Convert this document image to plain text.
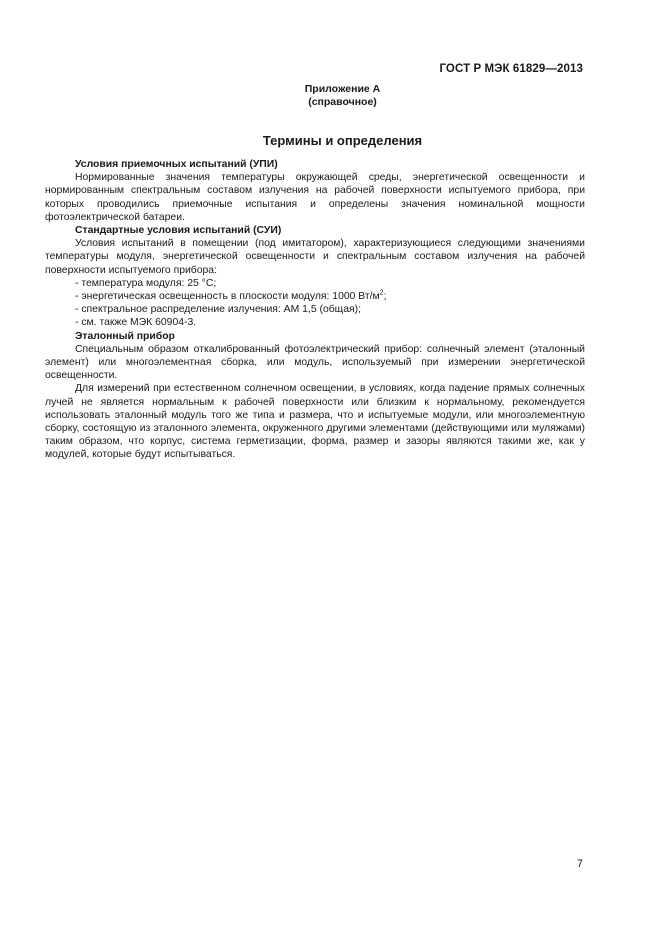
ГОСТ Р МЭК 61829—2013
Приложение А
(справочное)
Термины и определения

Условия приемочных испытаний (УПИ)

Нормированные значения температуры окружающей среды, энергетической освещенности и нормированным спектральным составом излучения на рабочей поверхности испытуемого прибора, при которых проводились приемочные испытания и определены значения номинальной мощности фотоэлектрической батареи.

Стандартные условия испытаний (СУИ)

Условия испытаний в помещении (под имитатором), характеризующиеся следующими значениями температуры модуля, энергетической освещенности и спектральным составом излучения на рабочей поверхности испытуемого прибора:

- температура модуля: 25 °С;

- энергетическая освещенность в плоскости модуля: 1000 $Вт/м^2$;

- спектральное распределение излучения: АМ 1,5 (общая);

- см. также МЭК 60904-3.

Эталонный прибор

Специальным образом откалиброванный фотоэлектрический прибор: солнечный элемент (эталонный элемент) или многоэлементная сборка, или модуль, используемый при измерении энергетической освещенности.

Для измерений при естественном солнечном освещении, в условиях, когда падение прямых солнечных лучей не является нормальным к рабочей поверхности или близким к нормальному, рекомендуется использовать эталонный модуль того же типа и размера, что и испытуемые модули, или многоэлементную сборку, состоящую из эталонного элемента, окруженного другими элементами (действующими или муляжами) таким образом, что корпус, система герметизации, форма, размер и зазоры являются такими же, как у модулей, которые будут испытываться.

7
